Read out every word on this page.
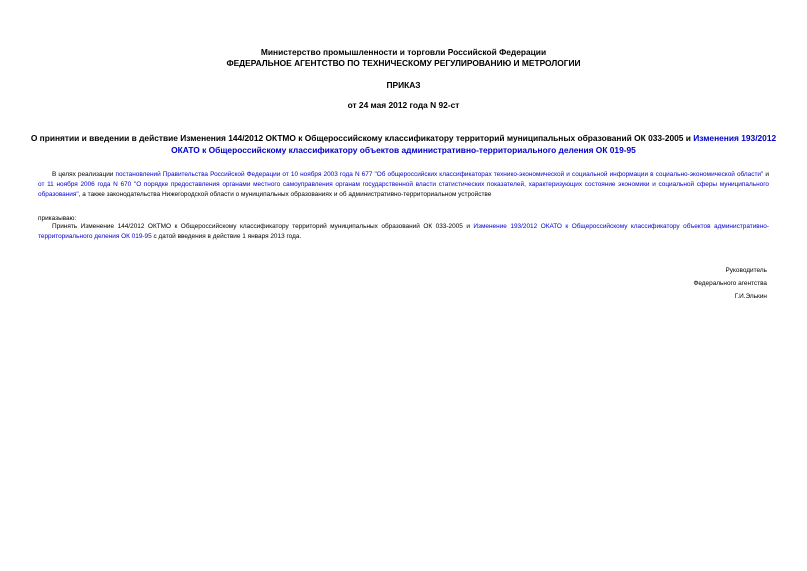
Министерство промышленности и торговли Российской Федерации
ФЕДЕРАЛЬНОЕ АГЕНТСТВО ПО ТЕХНИЧЕСКОМУ РЕГУЛИРОВАНИЮ И МЕТРОЛОГИИ
ПРИКАЗ
от 24 мая 2012 года N 92-ст
О принятии и введении в действие Изменения 144/2012 ОКТМО к Общероссийскому классификатору территорий муниципальных образований ОК 033-2005 и Изменения 193/2012 ОКАТО к Общероссийскому классификатору объектов административно-территориального деления ОК 019-95
В целях реализации постановлений Правительства Российской Федерации от 10 ноября 2003 года N 677 "Об общероссийских классификаторах технико-экономической и социальной информации в социально-экономической области" и от 11 ноября 2006 года N 670 "О порядке предоставления органами местного самоуправления органам государственной власти статистических показателей, характеризующих состояние экономики и социальной сферы муниципального образования", а также законодательства Нижегородской области о муниципальных образованиях и об административно-территориальном устройстве
приказываю:
Принять Изменение 144/2012 ОКТМО к Общероссийскому классификатору территорий муниципальных образований ОК 033-2005 и Изменение 193/2012 ОКАТО к Общероссийскому классификатору объектов административно-территориального деления ОК 019-95 с датой введения в действие 1 января 2013 года.
Руководитель
Федерального агентства
Г.И.Элькин
